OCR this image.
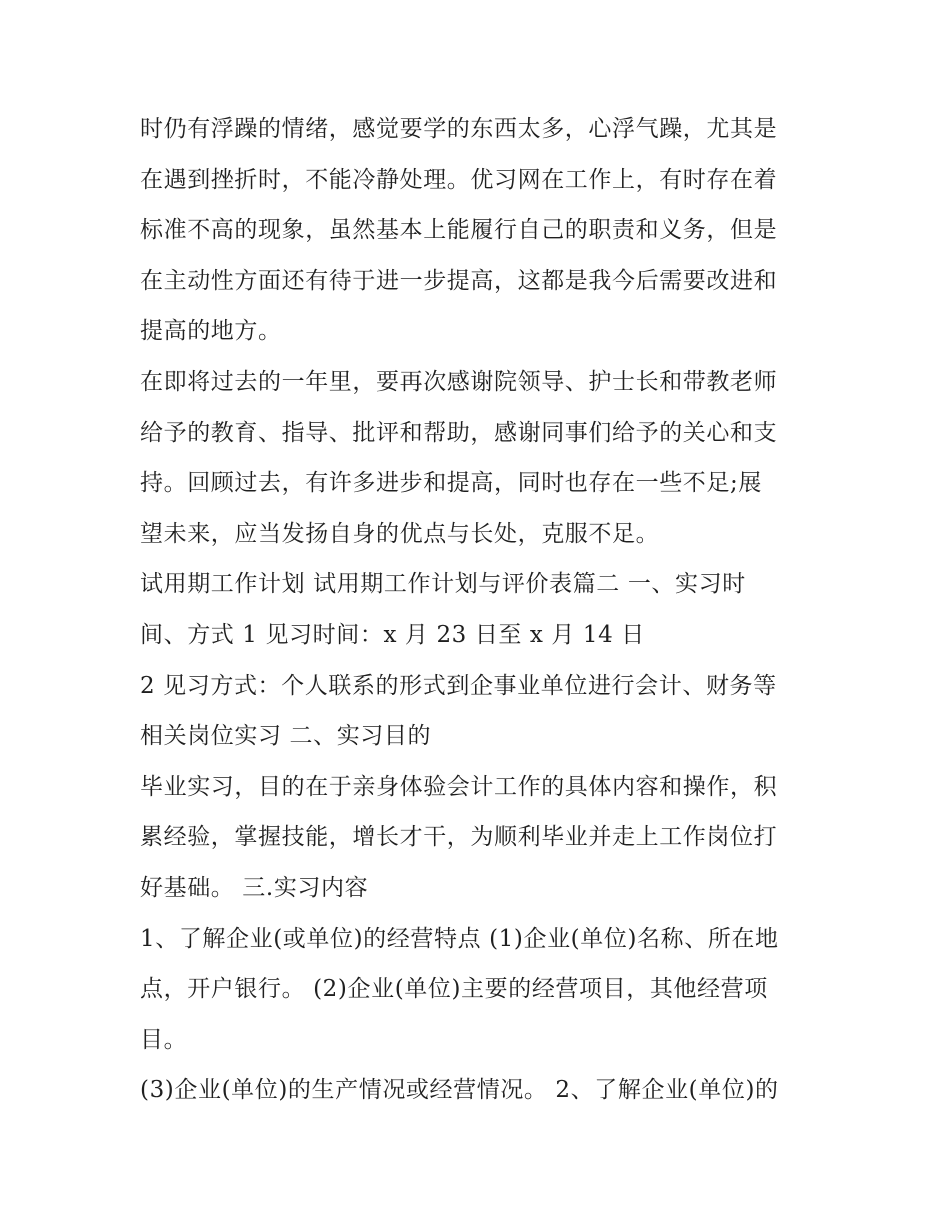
时仍有浮躁的情绪，感觉要学的东西太多，心浮气躁，尤其是
在遇到挫折时，不能冷静处理。优习网在工作上，有时存在着
标准不高的现象，虽然基本上能履行自己的职责和义务，但是
在主动性方面还有待于进一步提高，这都是我今后需要改进和
提高的地方。
在即将过去的一年里，要再次感谢院领导、护士长和带教老师
给予的教育、指导、批评和帮助，感谢同事们给予的关心和支
持。回顾过去，有许多进步和提高，同时也存在一些不足;展
望未来，应当发扬自身的优点与长处，克服不足。
试用期工作计划 试用期工作计划与评价表篇二 一、实习时
间、方式 1 见习时间：x 月 23 日至 x 月 14 日
2 见习方式：个人联系的形式到企事业单位进行会计、财务等
相关岗位实习 二、实习目的
毕业实习，目的在于亲身体验会计工作的具体内容和操作，积
累经验，掌握技能，增长才干，为顺利毕业并走上工作岗位打
好基础。 三.实习内容
1、了解企业(或单位)的经营特点 (1)企业(单位)名称、所在地
点，开户银行。 (2)企业(单位)主要的经营项目，其他经营项
目。
(3)企业(单位)的生产情况或经营情况。 2、了解企业(单位)的
